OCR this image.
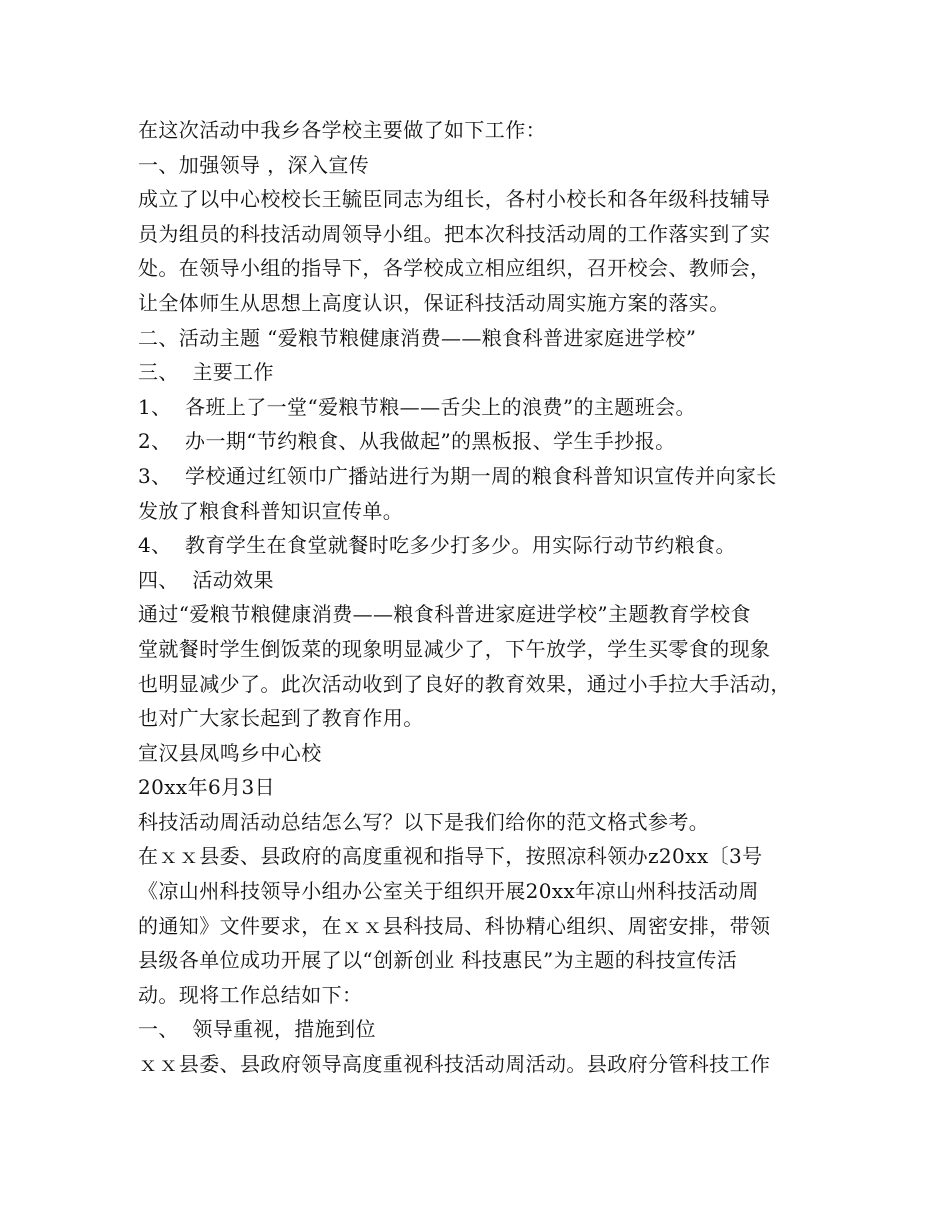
在这次活动中我乡各学校主要做了如下工作：
一、加强领导 ，深入宣传
成立了以中心校校长王毓臣同志为组长，各村小校长和各年级科技辅导
员为组员的科技活动周领导小组。把本次科技活动周的工作落实到了实
处。在领导小组的指导下，各学校成立相应组织，召开校会、教师会，
让全体师生从思想上高度认识，保证科技活动周实施方案的落实。
二、活动主题 “爱粮节粮健康消费——粮食科普进家庭进学校”
三、  主要工作
1、  各班上了一堂“爱粮节粮——舌尖上的浪费”的主题班会。
2、  办一期“节约粮食、从我做起”的黑板报、学生手抄报。
3、  学校通过红领巾广播站进行为期一周的粮食科普知识宣传并向家长
发放了粮食科普知识宣传单。
4、  教育学生在食堂就餐时吃多少打多少。用实际行动节约粮食。
四、  活动效果
通过“爱粮节粮健康消费——粮食科普进家庭进学校”主题教育学校食
堂就餐时学生倒饭菜的现象明显减少了，下午放学，学生买零食的现象
也明显减少了。此次活动收到了良好的教育效果，通过小手拉大手活动，
也对广大家长起到了教育作用。
宣汉县凤鸣乡中心校
20xx年6月3日
科技活动周活动总结怎么写？以下是我们给你的范文格式参考。
在ｘｘ县委、县政府的高度重视和指导下，按照凉科领办z20xx〔3号
《凉山州科技领导小组办公室关于组织开展20xx年凉山州科技活动周
的通知》文件要求，在ｘｘ县科技局、科协精心组织、周密安排，带领
县级各单位成功开展了以“创新创业 科技惠民”为主题的科技宣传活
动。现将工作总结如下：
一、  领导重视，措施到位
ｘｘ县委、县政府领导高度重视科技活动周活动。县政府分管科技工作
